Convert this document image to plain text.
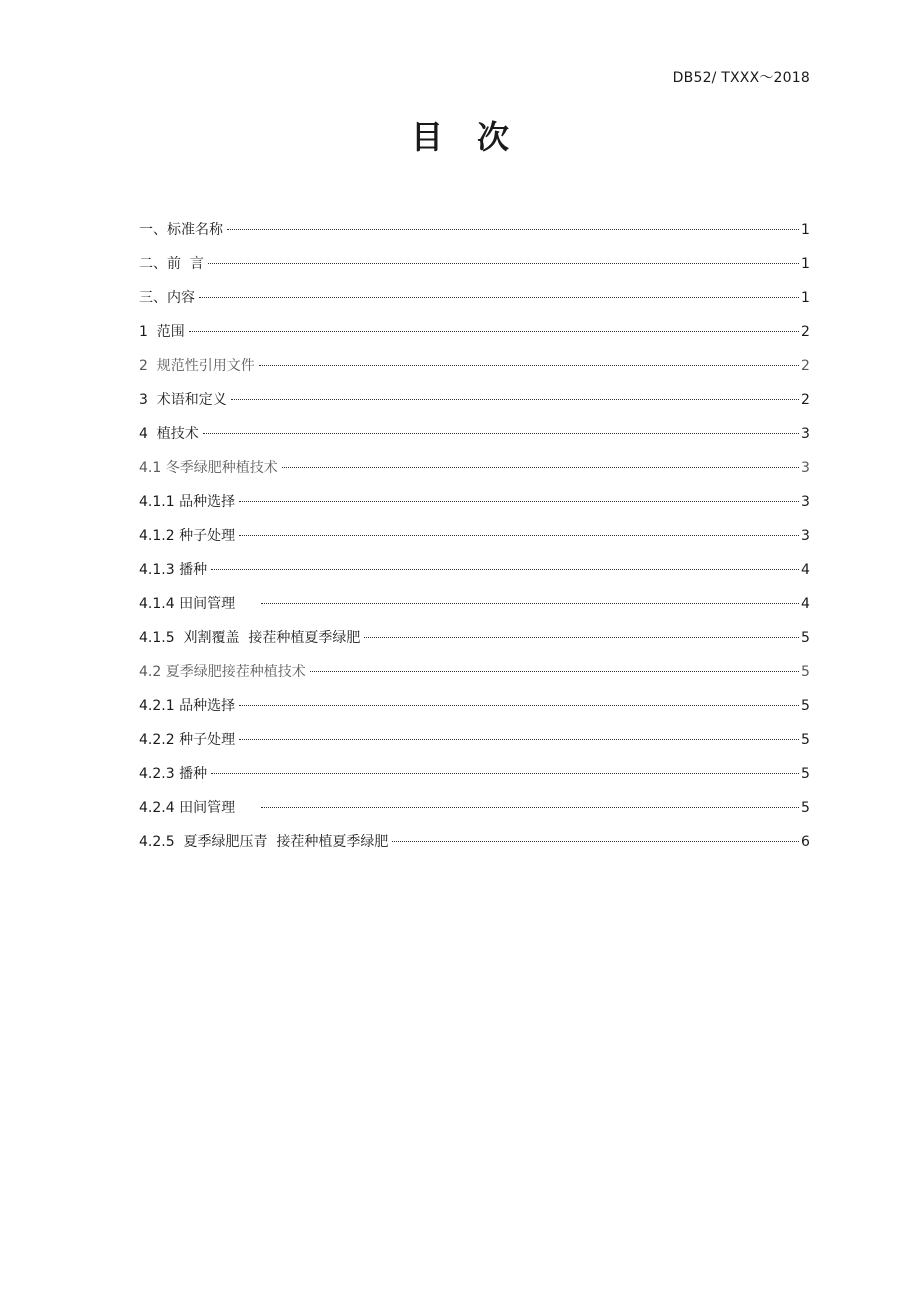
DB52/ TXXX～2018
目次
一、标准名称	1
二、前  言	1
三、内容	1
1  范围	2
2  规范性引用文件	2
3  术语和定义	2
4  植技术	3
4.1 冬季绿肥种植技术	3
4.1.1 品种选择	3
4.1.2 种子处理	3
4.1.3 播种	4
4.1.4 田间管理	4
4.1.5  刈割覆盖  接茬种植夏季绿肥	5
4.2 夏季绿肥接茬种植技术	5
4.2.1 品种选择	5
4.2.2 种子处理	5
4.2.3 播种	5
4.2.4 田间管理	5
4.2.5  夏季绿肥压青  接茬种植夏季绿肥	6
